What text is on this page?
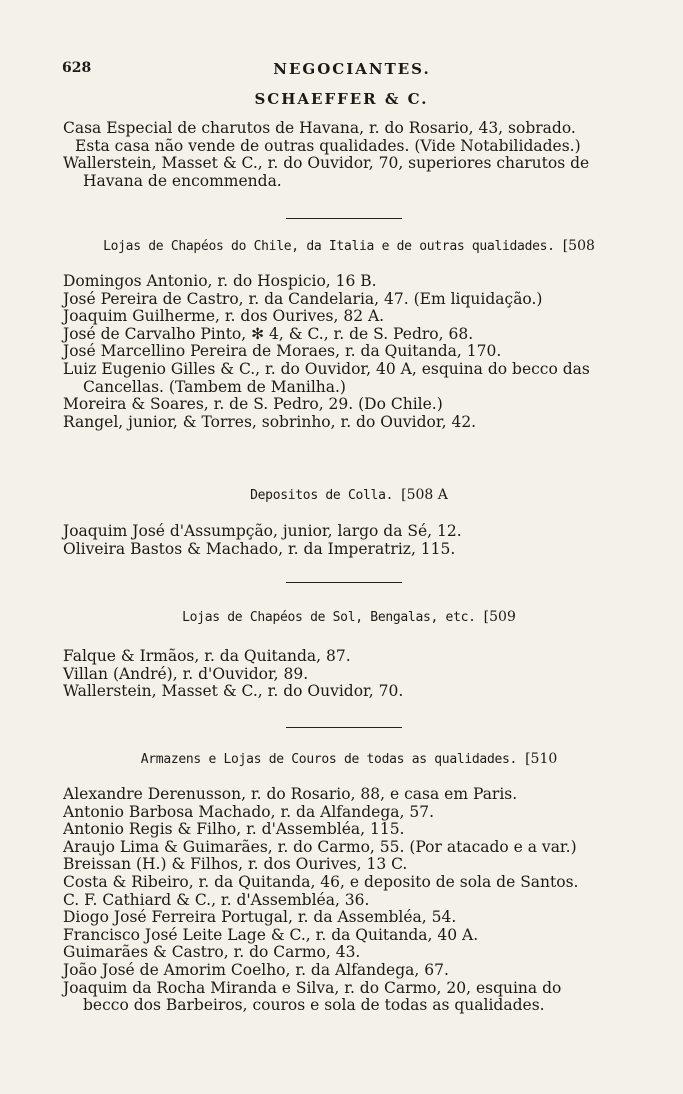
628	NEGOCIANTES.
SCHAEFFER & C.
Casa Especial de charutos de Havana, r. do Rosario, 43, sobrado.
Esta casa não vende de outras qualidades. (Vide Notabilidades.)
Wallerstein, Masset & C., r. do Ouvidor, 70, superiores charutos de
Havana de encommenda.
Lojas de Chapéos do Chile, da Italia e de outras qualidades. [508
Domingos Antonio, r. do Hospicio, 16 B.
José Pereira de Castro, r. da Candelaria, 47. (Em liquidação.)
Joaquim Guilherme, r. dos Ourives, 82 A.
José de Carvalho Pinto, ✻ 4, & C., r. de S. Pedro, 68.
José Marcellino Pereira de Moraes, r. da Quitanda, 170.
Luiz Eugenio Gilles & C., r. do Ouvidor, 40 A, esquina do becco das
Cancellas. (Tambem de Manilha.)
Moreira & Soares, r. de S. Pedro, 29. (Do Chile.)
Rangel, junior, & Torres, sobrinho, r. do Ouvidor, 42.
Depositos de Colla. [508 A
Joaquim José d'Assumpção, junior, largo da Sé, 12.
Oliveira Bastos & Machado, r. da Imperatriz, 115.
Lojas de Chapéos de Sol, Bengalas, etc. [509
Falque & Irmãos, r. da Quitanda, 87.
Villan (André), r. d'Ouvidor, 89.
Wallerstein, Masset & C., r. do Ouvidor, 70.
Armazens e Lojas de Couros de todas as qualidades. [510
Alexandre Derenusson, r. do Rosario, 88, e casa em Paris.
Antonio Barbosa Machado, r. da Alfandega, 57.
Antonio Regis & Filho, r. d'Assembléa, 115.
Araujo Lima & Guimarães, r. do Carmo, 55. (Por atacado e a var.)
Breissan (H.) & Filhos, r. dos Ourives, 13 C.
Costa & Ribeiro, r. da Quitanda, 46, e deposito de sola de Santos.
C. F. Cathiard & C., r. d'Assembléa, 36.
Diogo José Ferreira Portugal, r. da Assembléa, 54.
Francisco José Leite Lage & C., r. da Quitanda, 40 A.
Guimarães & Castro, r. do Carmo, 43.
João José de Amorim Coelho, r. da Alfandega, 67.
Joaquim da Rocha Miranda e Silva, r. do Carmo, 20, esquina do
becco dos Barbeiros, couros e sola de todas as qualidades.
